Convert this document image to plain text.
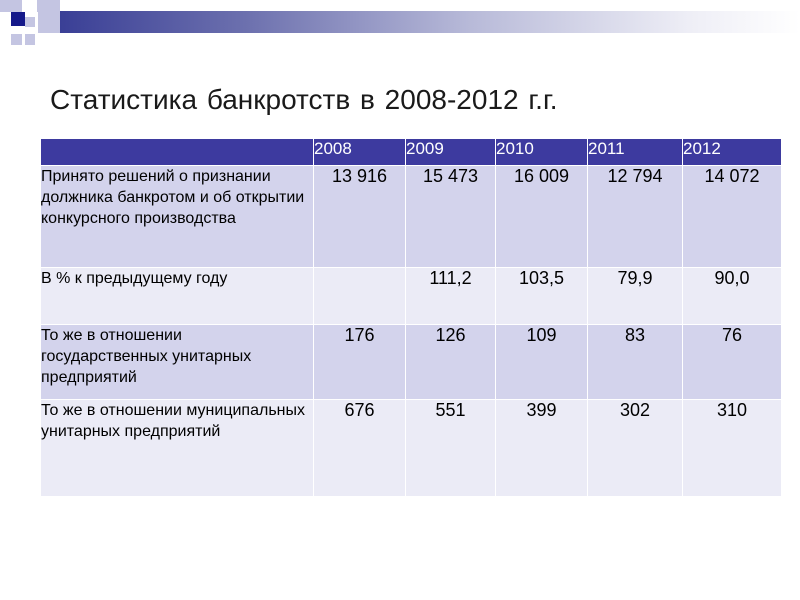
Статистика банкротств в 2008-2012 г.г.
	2008	2009	2010	2011	2012
Принято решений о признании должника банкротом и об открытии конкурсного производства	13 916	15 473	16 009	12 794	14 072
В % к предыдущему году		111,2	103,5	79,9	90,0
То же в отношении государственных унитарных предприятий	176	126	109	83	76
То же в отношении муниципальных унитарных предприятий	676	551	399	302	310
